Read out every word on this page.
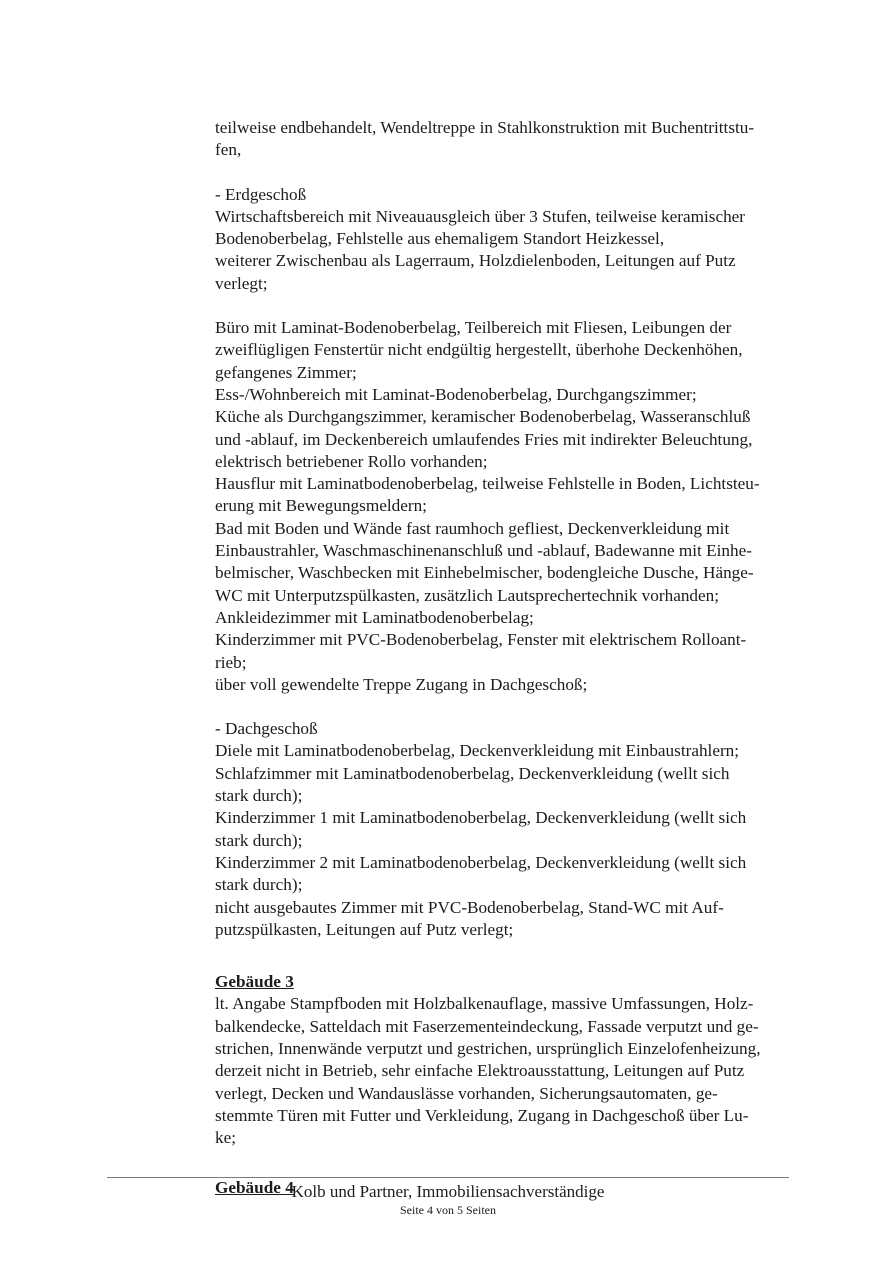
teilweise endbehandelt, Wendeltreppe in Stahlkonstruktion mit Buchentrittstu-
fen,
- Erdgeschoß
Wirtschaftsbereich mit Niveauausgleich über 3 Stufen, teilweise keramischer
Bodenoberbelag, Fehlstelle aus ehemaligem Standort Heizkessel,
weiterer Zwischenbau als Lagerraum, Holzdielenboden, Leitungen auf Putz
verlegt;
Büro mit Laminat-Bodenoberbelag, Teilbereich mit Fliesen, Leibungen der
zweiflügligen Fenstertür nicht endgültig hergestellt, überhohe Deckenhöhen,
gefangenes Zimmer;
Ess-/Wohnbereich mit Laminat-Bodenoberbelag, Durchgangszimmer;
Küche als Durchgangszimmer, keramischer Bodenoberbelag, Wasseranschluß
und -ablauf, im Deckenbereich umlaufendes Fries mit indirekter Beleuchtung,
elektrisch betriebener Rollo vorhanden;
Hausflur mit Laminatbodenoberbelag, teilweise Fehlstelle in Boden, Lichtsteu-
erung mit Bewegungsmeldern;
Bad mit Boden und Wände fast raumhoch gefliest, Deckenverkleidung mit
Einbaustrahler, Waschmaschinenanschluß und -ablauf, Badewanne mit Einhe-
belmischer, Waschbecken mit Einhebelmischer, bodengleiche Dusche, Hänge-
WC mit Unterputzspülkasten, zusätzlich Lautsprechertechnik vorhanden;
Ankleidezimmer mit Laminatbodenoberbelag;
Kinderzimmer mit PVC-Bodenoberbelag, Fenster mit elektrischem Rolloant-
rieb;
über voll gewendelte Treppe Zugang in Dachgeschoß;
- Dachgeschoß
Diele mit Laminatbodenoberbelag, Deckenverkleidung mit Einbaustrahlern;
Schlafzimmer mit Laminatbodenoberbelag, Deckenverkleidung (wellt sich
stark durch);
Kinderzimmer 1 mit Laminatbodenoberbelag, Deckenverkleidung (wellt sich
stark durch);
Kinderzimmer 2 mit Laminatbodenoberbelag, Deckenverkleidung (wellt sich
stark durch);
nicht ausgebautes Zimmer mit PVC-Bodenoberbelag, Stand-WC mit Auf-
putzspülkasten, Leitungen auf Putz verlegt;
Gebäude 3
lt. Angabe Stampfboden mit Holzbalkenauflage, massive Umfassungen, Holz-
balkendecke, Satteldach mit Faserzementeindeckung, Fassade verputzt und ge-
strichen, Innenwände verputzt und gestrichen, ursprünglich Einzelofenheizung,
derzeit nicht in Betrieb, sehr einfache Elektroausstattung, Leitungen auf Putz
verlegt, Decken und Wandauslässe vorhanden, Sicherungsautomaten, ge-
stemmte Türen mit Futter und Verkleidung, Zugang in Dachgeschoß über Lu-
ke;
Gebäude 4
Kolb und Partner, Immobiliensachverständige
Seite 4 von 5 Seiten
